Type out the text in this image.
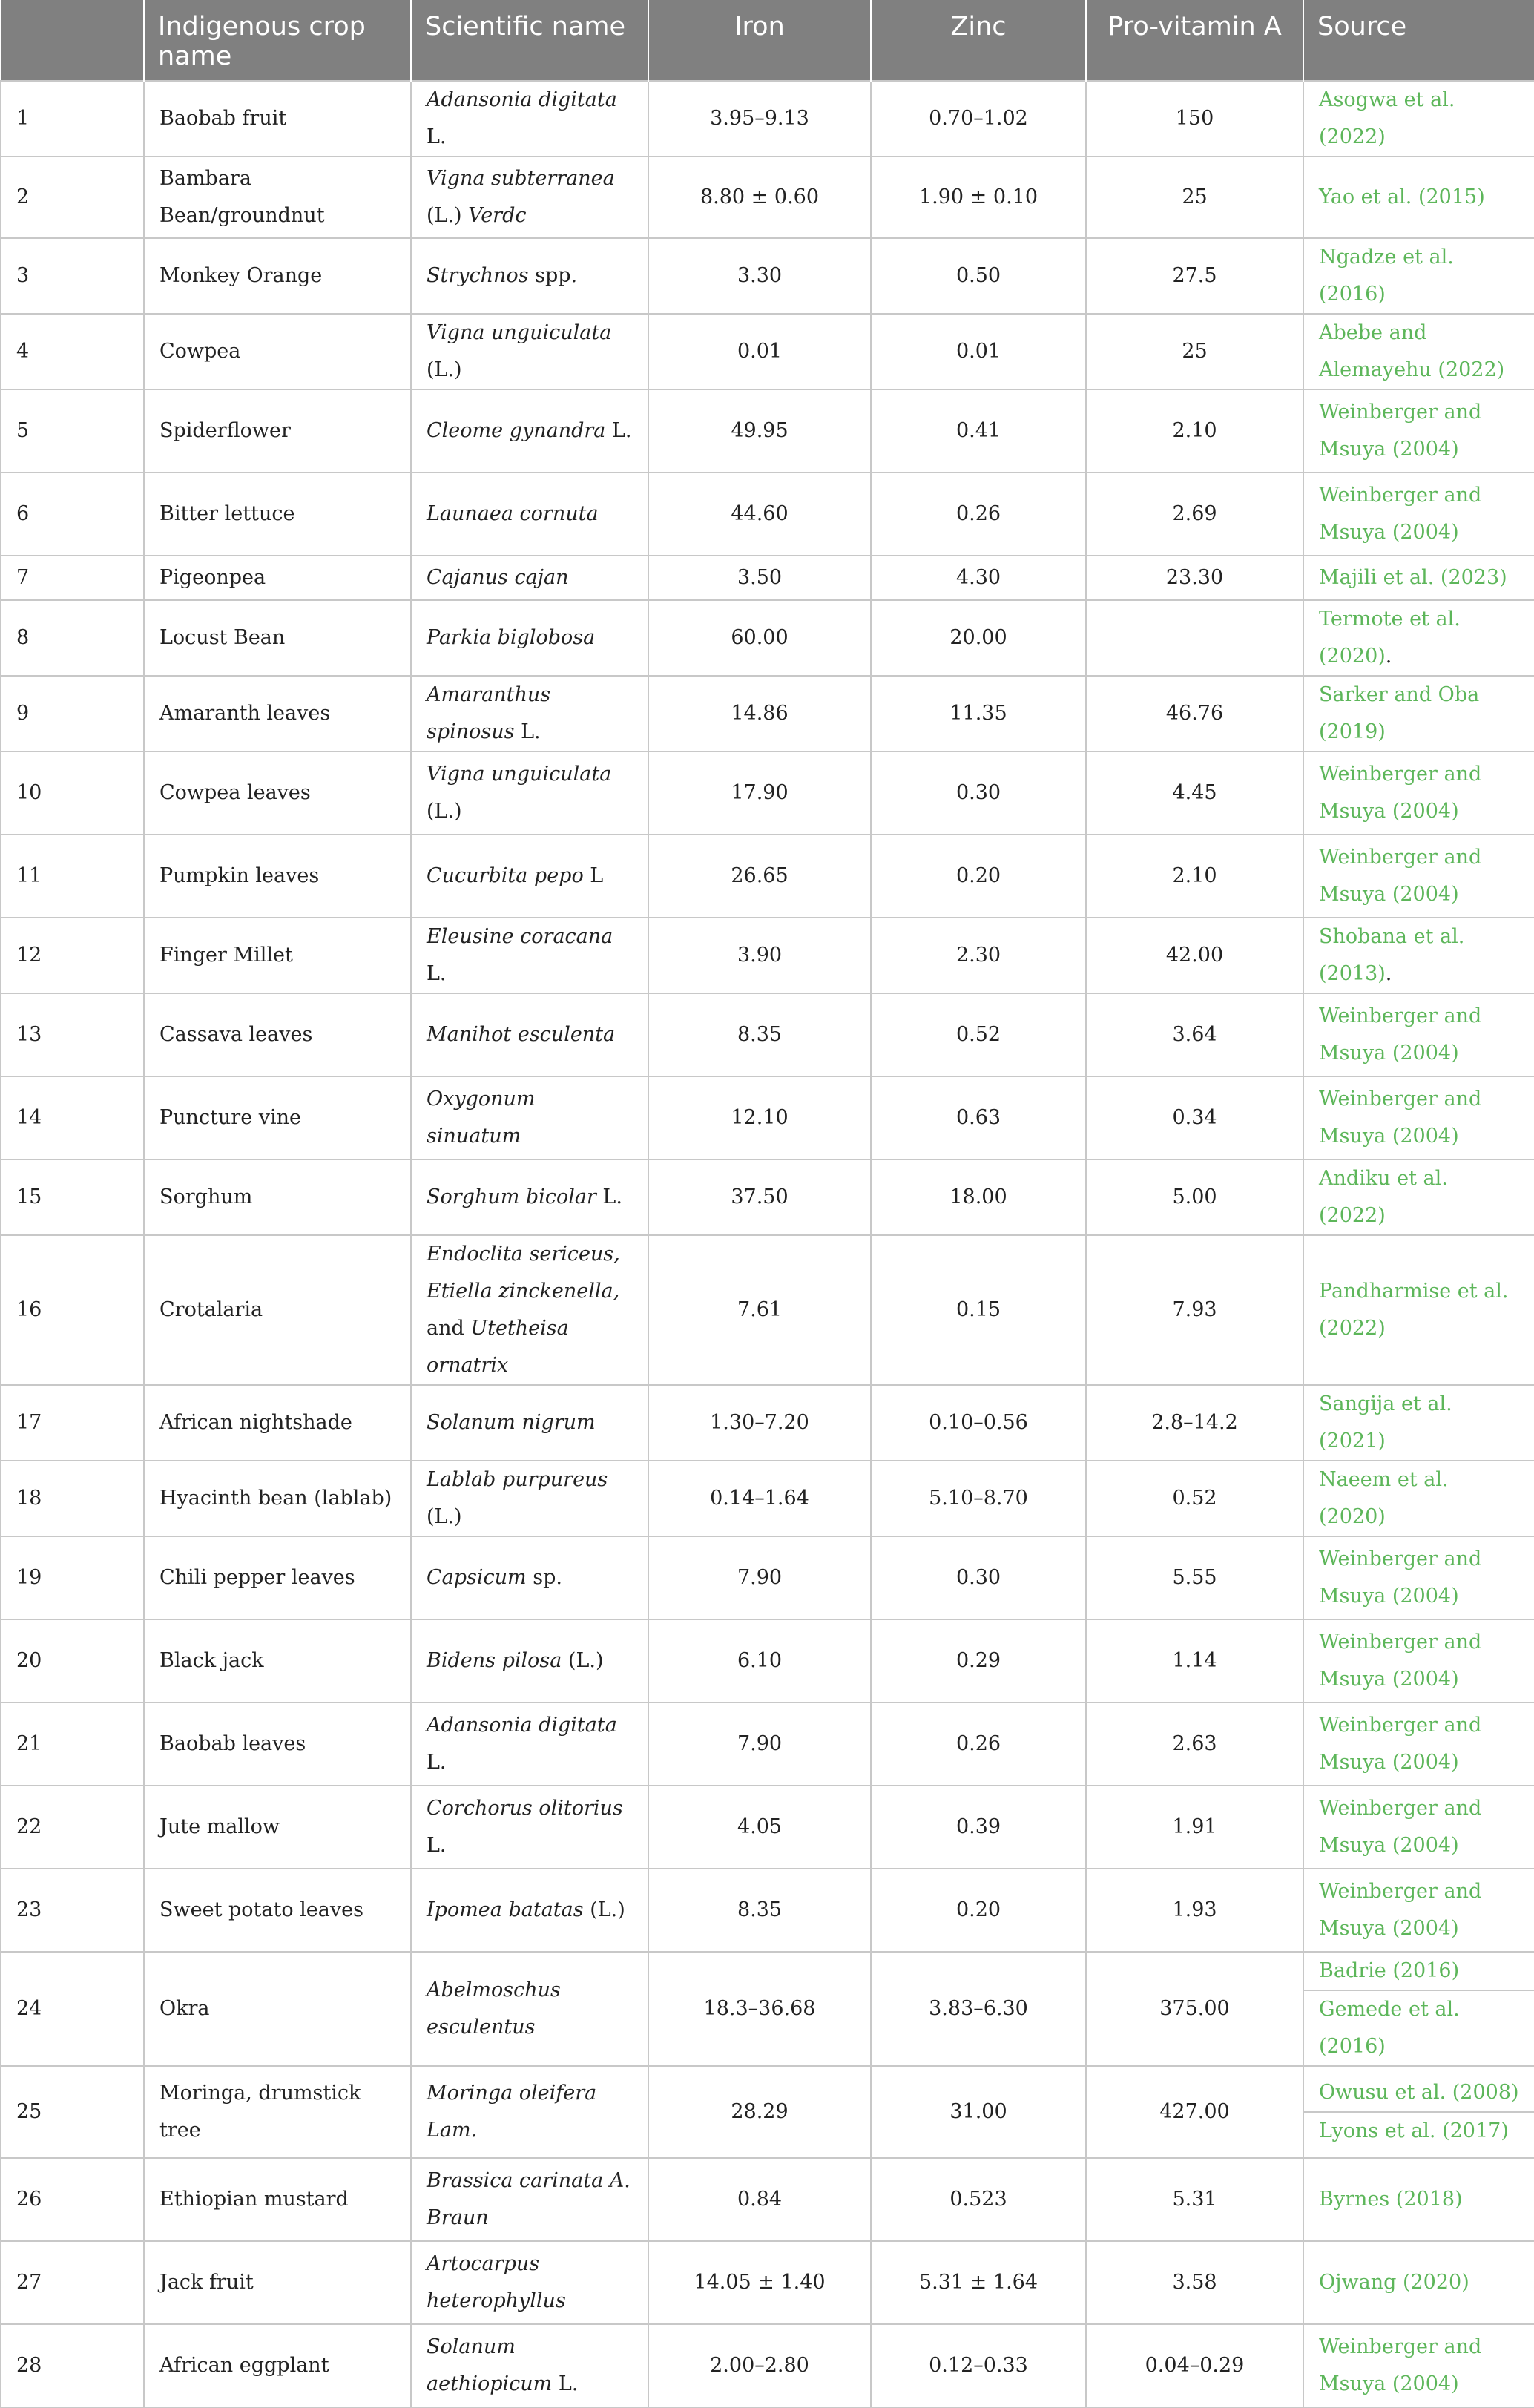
	Indigenous crop name	Scientific name	Iron	Zinc	Pro-vitamin A	Source
1	Baobab fruit	Adansonia digitata L.	3.95–9.13	0.70–1.02	150	Asogwa et al. (2022)

2	Bambara Bean/groundnut	Vigna subterranea (L.) Verdc	8.80 ± 0.60	1.90 ± 0.10	25	Yao et al. (2015)

3	Monkey Orange	Strychnos spp.	3.30	0.50	27.5	Ngadze et al. (2016)

4	Cowpea	Vigna unguiculata (L.)	0.01	0.01	25	Abebe and Alemayehu (2022)

5	Spiderflower	Cleome gynandra L.	49.95	0.41	2.10	Weinberger and Msuya (2004)

6	Bitter lettuce	Launaea cornuta	44.60	0.26	2.69	Weinberger and Msuya (2004)

7	Pigeonpea	Cajanus cajan	3.50	4.30	23.30	Majili et al. (2023)

8	Locust Bean	Parkia biglobosa	60.00	20.00		Termote et al. (2020).
9	Amaranth leaves	Amaranthus spinosus L.	14.86	11.35	46.76	Sarker and Oba (2019)

10	Cowpea leaves	Vigna unguiculata (L.)	17.90	0.30	4.45	Weinberger and Msuya (2004)

11	Pumpkin leaves	Cucurbita pepo L	26.65	0.20	2.10	Weinberger and Msuya (2004)

12	Finger Millet	Eleusine coracana L.	3.90	2.30	42.00	Shobana et al. (2013).
13	Cassava leaves	Manihot esculenta	8.35	0.52	3.64	Weinberger and Msuya (2004)

14	Puncture vine	Oxygonum sinuatum	12.10	0.63	0.34	Weinberger and Msuya (2004)

15	Sorghum	Sorghum bicolar L.	37.50	18.00	5.00	Andiku et al. (2022)

16	Crotalaria	Endoclita sericeus, Etiella zinckenella, and Utetheisa ornatrix	7.61	0.15	7.93	Pandharmise et al. (2022)

17	African nightshade	Solanum nigrum	1.30–7.20	0.10–0.56	2.8–14.2	Sangija et al. (2021)

18	Hyacinth bean (lablab)	Lablab purpureus (L.)	0.14–1.64	5.10–8.70	0.52	Naeem et al. (2020)

19	Chili pepper leaves	Capsicum sp.	7.90	0.30	5.55	Weinberger and Msuya (2004)

20	Black jack	Bidens pilosa (L.)	6.10	0.29	1.14	Weinberger and Msuya (2004)

21	Baobab leaves	Adansonia digitata L.	7.90	0.26	2.63	Weinberger and Msuya (2004)

22	Jute mallow	Corchorus olitorius L.	4.05	0.39	1.91	Weinberger and Msuya (2004)

23	Sweet potato leaves	Ipomea batatas (L.)	8.35	0.20	1.93	Weinberger and Msuya (2004)

24	Okra	Abelmoschus esculentus	18.3–36.68	3.83–6.30	375.00	Badrie (2016)
Gemede et al. (2016)

25	Moringa, drumstick tree	Moringa oleifera Lam.	28.29	31.00	427.00	Owusu et al. (2008)
Lyons et al. (2017)

26	Ethiopian mustard	Brassica carinata A. Braun	0.84	0.523	5.31	Byrnes (2018)

27	Jack fruit	Artocarpus heterophyllus	14.05 ± 1.40	5.31 ± 1.64	3.58	Ojwang (2020)

28	African eggplant	Solanum aethiopicum L.	2.00–2.80	0.12–0.33	0.04–0.29	Weinberger and Msuya (2004)
